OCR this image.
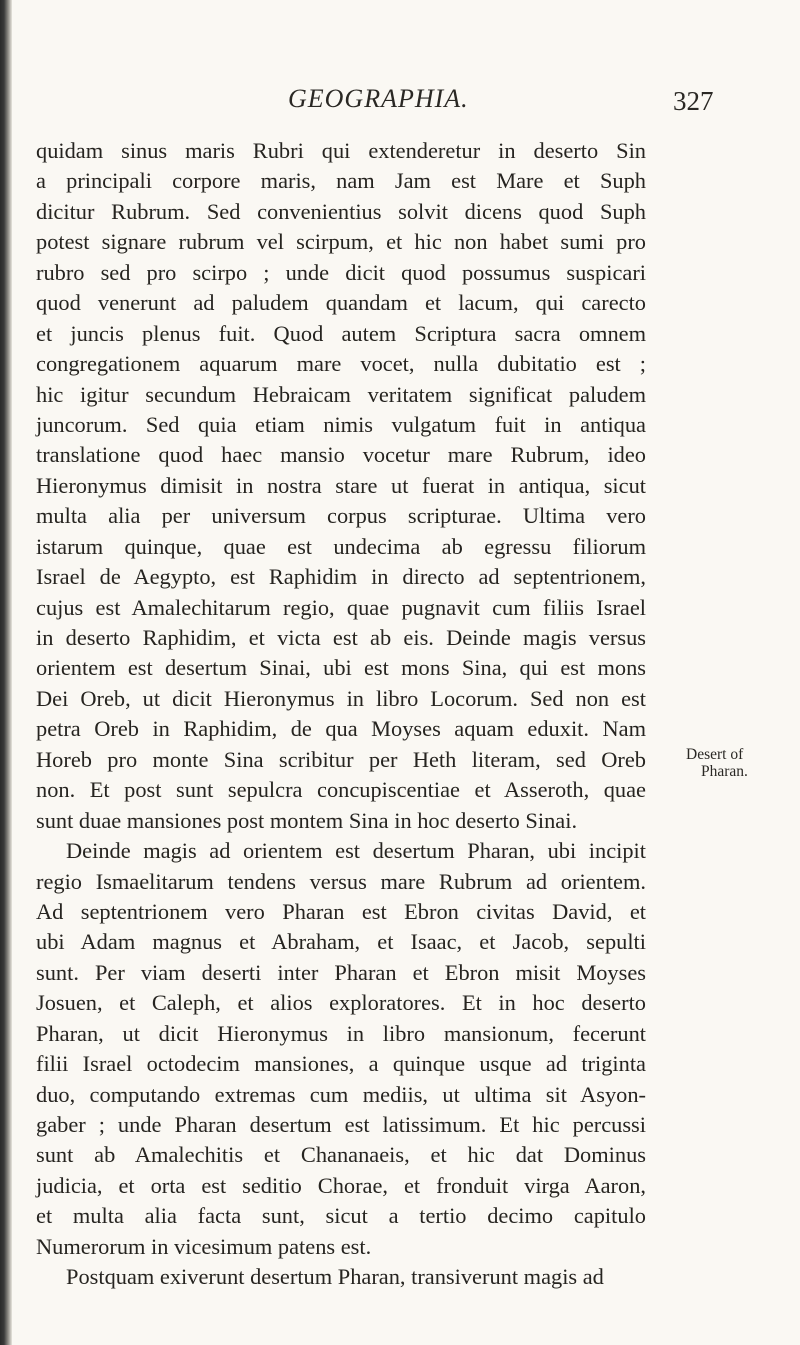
GEOGRAPHIA.	327
quidam sinus maris Rubri qui extenderetur in deserto Sin
a principali corpore maris, nam Jam est Mare et Suph
dicitur Rubrum. Sed convenientius solvit dicens quod Suph
potest signare rubrum vel scirpum, et hic non habet sumi pro
rubro sed pro scirpo ; unde dicit quod possumus suspicari
quod venerunt ad paludem quandam et lacum, qui carecto
et juncis plenus fuit. Quod autem Scriptura sacra omnem
congregationem aquarum mare vocet, nulla dubitatio est ;
hic igitur secundum Hebraicam veritatem significat paludem
juncorum. Sed quia etiam nimis vulgatum fuit in antiqua
translatione quod haec mansio vocetur mare Rubrum, ideo
Hieronymus dimisit in nostra stare ut fuerat in antiqua, sicut
multa alia per universum corpus scripturae. Ultima vero
istarum quinque, quae est undecima ab egressu filiorum
Israel de Aegypto, est Raphidim in directo ad septentrionem,
cujus est Amalechitarum regio, quae pugnavit cum filiis Israel
in deserto Raphidim, et victa est ab eis. Deinde magis versus
orientem est desertum Sinai, ubi est mons Sina, qui est mons
Dei Oreb, ut dicit Hieronymus in libro Locorum. Sed non est
petra Oreb in Raphidim, de qua Moyses aquam eduxit. Nam
Horeb pro monte Sina scribitur per Heth literam, sed Oreb
non. Et post sunt sepulcra concupiscentiae et Asseroth, quae
sunt duae mansiones post montem Sina in hoc deserto Sinai.
Deinde magis ad orientem est desertum Pharan, ubi incipit
regio Ismaelitarum tendens versus mare Rubrum ad orientem.
Ad septentrionem vero Pharan est Ebron civitas David, et
ubi Adam magnus et Abraham, et Isaac, et Jacob, sepulti
sunt. Per viam deserti inter Pharan et Ebron misit Moyses
Josuen, et Caleph, et alios exploratores. Et in hoc deserto
Pharan, ut dicit Hieronymus in libro mansionum, fecerunt
filii Israel octodecim mansiones, a quinque usque ad triginta
duo, computando extremas cum mediis, ut ultima sit Asyon-
gaber ; unde Pharan desertum est latissimum. Et hic percussi
sunt ab Amalechitis et Chananaeis, et hic dat Dominus
judicia, et orta est seditio Chorae, et fronduit virga Aaron,
et multa alia facta sunt, sicut a tertio decimo capitulo
Numerorum in vicesimum patens est.
Postquam exiverunt desertum Pharan, transiverunt magis ad
Desert of
Pharan.
